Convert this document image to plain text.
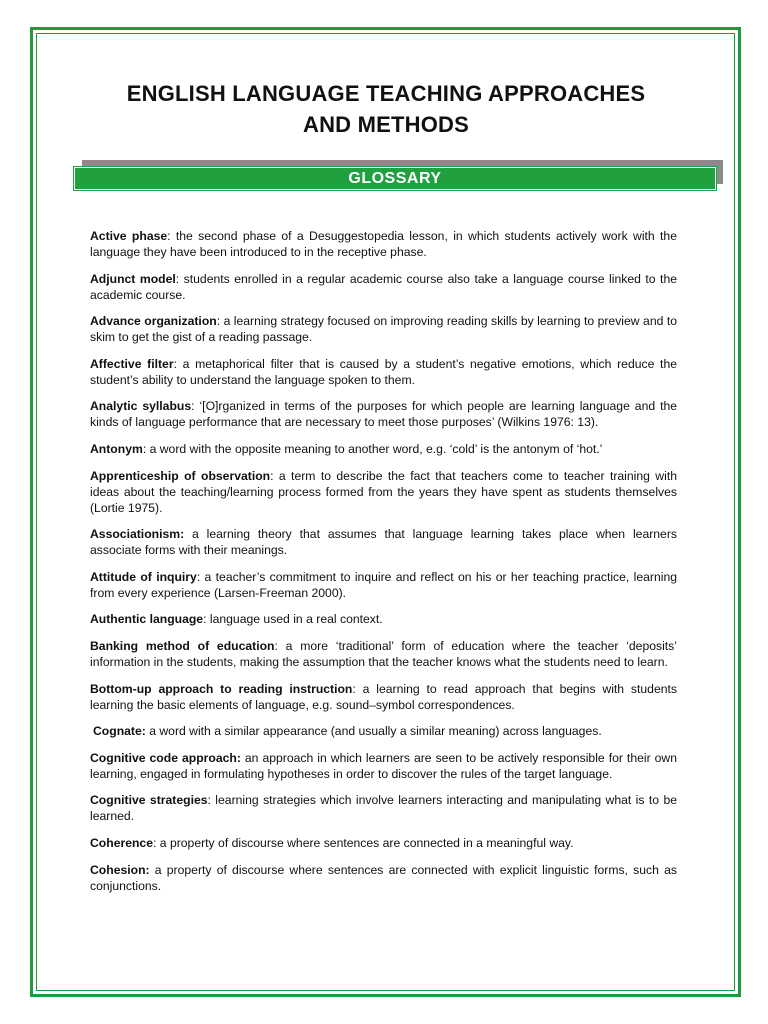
ENGLISH LANGUAGE TEACHING APPROACHES
AND METHODS
GLOSSARY

Active phase: the second phase of a Desuggestopedia lesson, in which students actively work with the language they have been introduced to in the receptive phase.

Adjunct model: students enrolled in a regular academic course also take a language course linked to the academic course.

Advance organization: a learning strategy focused on improving reading skills by learning to preview and to skim to get the gist of a reading passage.

Affective filter: a metaphorical filter that is caused by a student’s negative emotions, which reduce the student’s ability to understand the language spoken to them.

Analytic syllabus: ‘[O]rganized in terms of the purposes for which people are learning language and the kinds of language performance that are necessary to meet those purposes’ (Wilkins 1976: 13).

Antonym: a word with the opposite meaning to another word, e.g. ‘cold’ is the antonym of ‘hot.’

Apprenticeship of observation: a term to describe the fact that teachers come to teacher training with ideas about the teaching/learning process formed from the years they have spent as students themselves (Lortie 1975).

Associationism: a learning theory that assumes that language learning takes place when learners associate forms with their meanings.

Attitude of inquiry: a teacher’s commitment to inquire and reflect on his or her teaching practice, learning from every experience (Larsen-Freeman 2000).

Authentic language: language used in a real context.

Banking method of education: a more ‘traditional’ form of education where the teacher ‘deposits’ information in the students, making the assumption that the teacher knows what the students need to learn.

Bottom-up approach to reading instruction: a learning to read approach that begins with students learning the basic elements of language, e.g. sound–symbol correspondences.

Cognate: a word with a similar appearance (and usually a similar meaning) across languages.

Cognitive code approach: an approach in which learners are seen to be actively responsible for their own learning, engaged in formulating hypotheses in order to discover the rules of the target language.

Cognitive strategies: learning strategies which involve learners interacting and manipulating what is to be learned.

Coherence: a property of discourse where sentences are connected in a meaningful way.

Cohesion: a property of discourse where sentences are connected with explicit linguistic forms, such as conjunctions.
